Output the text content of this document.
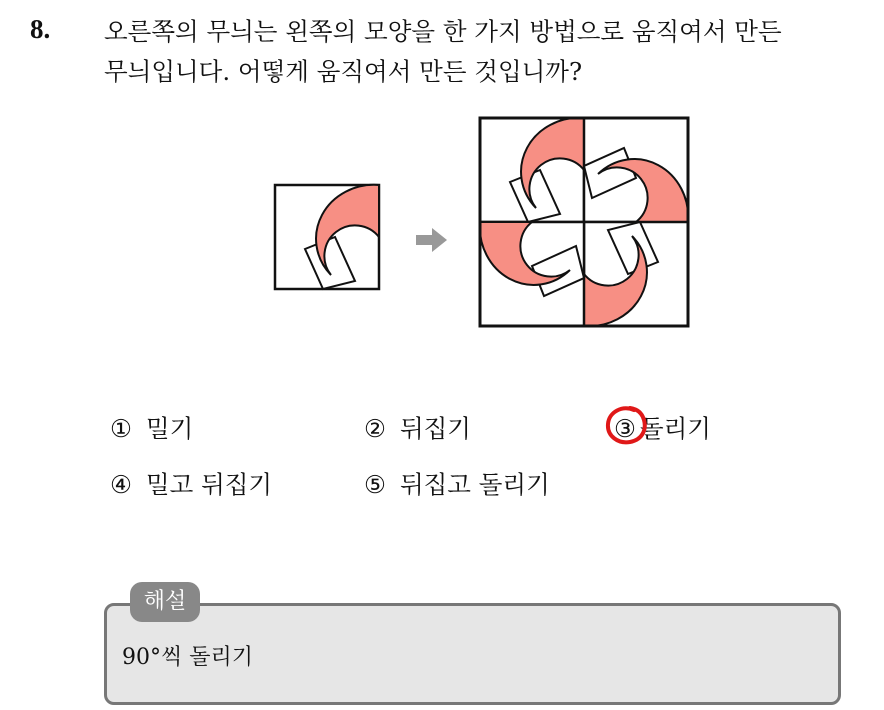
8. 오른쪽의 무늬는 왼쪽의 모양을 한 가지 방법으로 움직여서 만든
무늬입니다. 어떻게 움직여서 만든 것입니까?
① 밀기	② 뒤집기	③ 돌리기
④ 밀고 뒤집기	⑤ 뒤집고 돌리기
해설
90°씩 돌리기
